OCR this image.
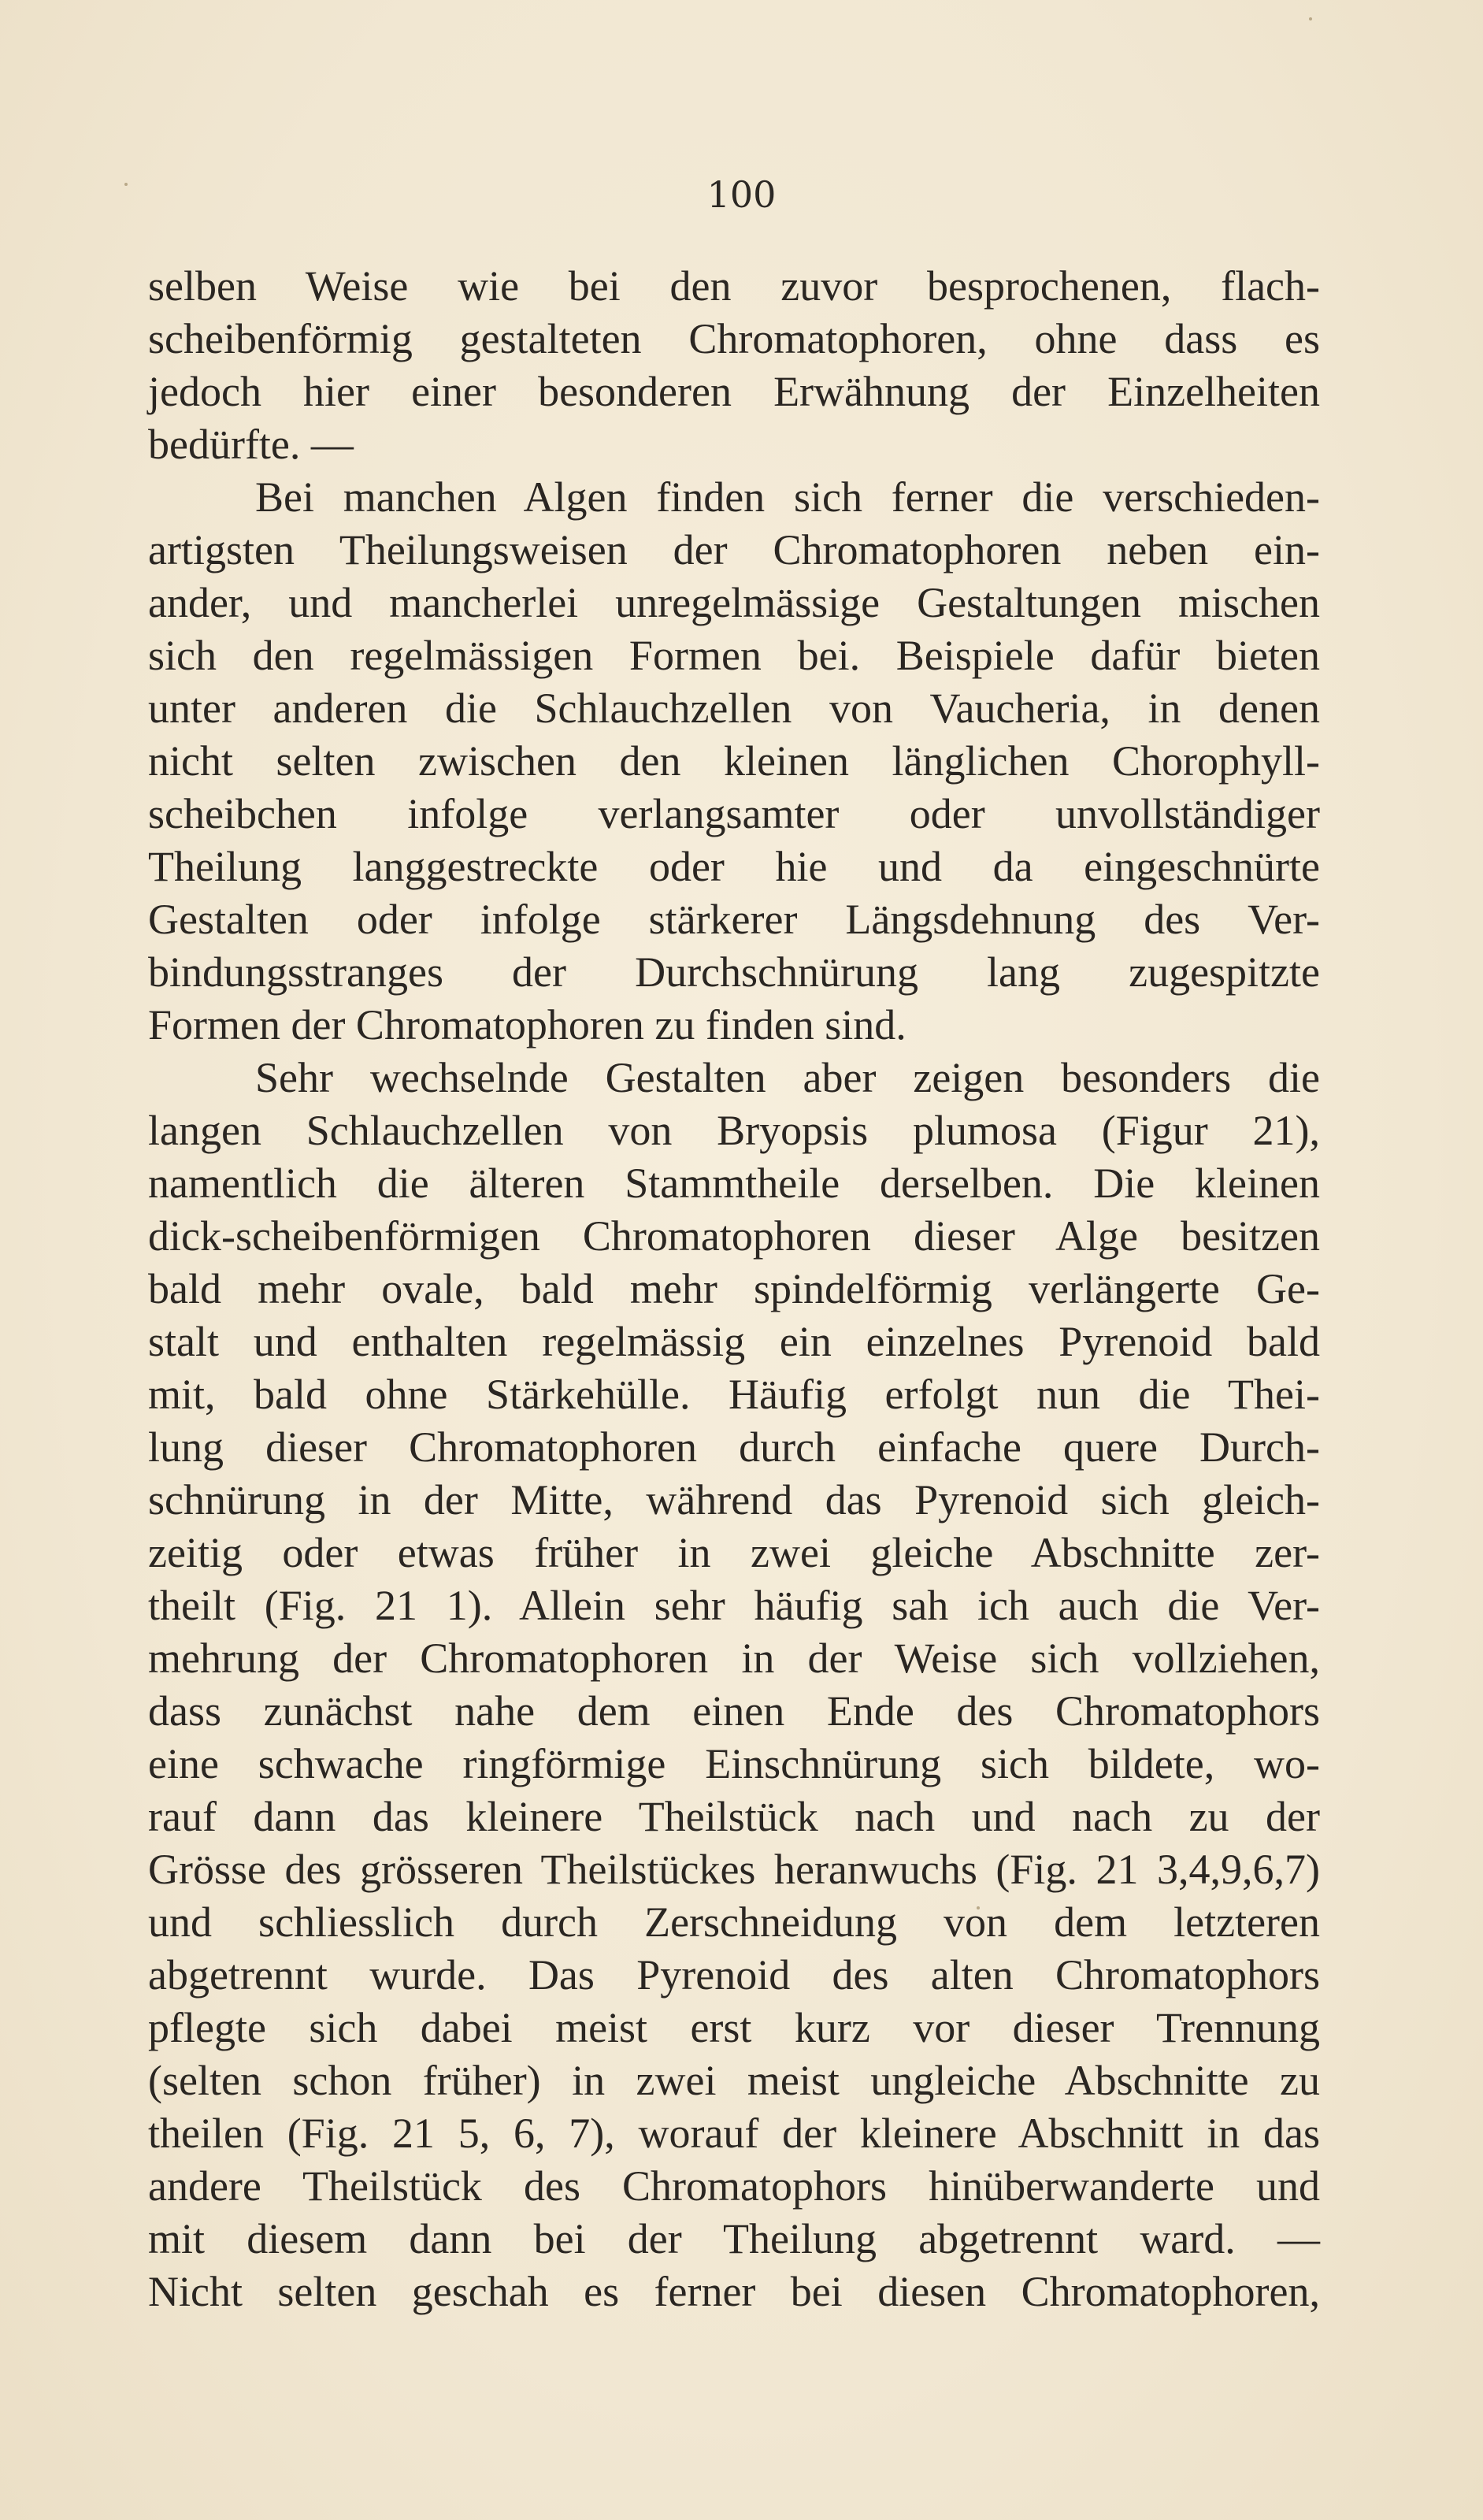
100
selben Weise wie bei den zuvor besprochenen, flach-
scheibenförmig gestalteten Chromatophoren, ohne dass es
jedoch hier einer besonderen Erwähnung der Einzelheiten
bedürfte. —
Bei manchen Algen finden sich ferner die verschieden-
artigsten Theilungsweisen der Chromatophoren neben ein-
ander, und mancherlei unregelmässige Gestaltungen mischen
sich den regelmässigen Formen bei. Beispiele dafür bieten
unter anderen die Schlauchzellen von Vaucheria, in denen
nicht selten zwischen den kleinen länglichen Chorophyll-
scheibchen infolge verlangsamter oder unvollständiger
Theilung langgestreckte oder hie und da eingeschnürte
Gestalten oder infolge stärkerer Längsdehnung des Ver-
bindungsstranges der Durchschnürung lang zugespitzte
Formen der Chromatophoren zu finden sind.
Sehr wechselnde Gestalten aber zeigen besonders die
langen Schlauchzellen von Bryopsis plumosa (Figur 21),
namentlich die älteren Stammtheile derselben. Die kleinen
dick-scheibenförmigen Chromatophoren dieser Alge besitzen
bald mehr ovale, bald mehr spindelförmig verlängerte Ge-
stalt und enthalten regelmässig ein einzelnes Pyrenoid bald
mit, bald ohne Stärkehülle. Häufig erfolgt nun die Thei-
lung dieser Chromatophoren durch einfache quere Durch-
schnürung in der Mitte, während das Pyrenoid sich gleich-
zeitig oder etwas früher in zwei gleiche Abschnitte zer-
theilt (Fig. 21 1). Allein sehr häufig sah ich auch die Ver-
mehrung der Chromatophoren in der Weise sich vollziehen,
dass zunächst nahe dem einen Ende des Chromatophors
eine schwache ringförmige Einschnürung sich bildete, wo-
rauf dann das kleinere Theilstück nach und nach zu der
Grösse des grösseren Theilstückes heranwuchs (Fig. 21 3,4,9,6,7)
und schliesslich durch Zerschneidung von dem letzteren
abgetrennt wurde. Das Pyrenoid des alten Chromatophors
pflegte sich dabei meist erst kurz vor dieser Trennung
(selten schon früher) in zwei meist ungleiche Abschnitte zu
theilen (Fig. 21 5, 6, 7), worauf der kleinere Abschnitt in das
andere Theilstück des Chromatophors hinüberwanderte und
mit diesem dann bei der Theilung abgetrennt ward. —
Nicht selten geschah es ferner bei diesen Chromatophoren,
